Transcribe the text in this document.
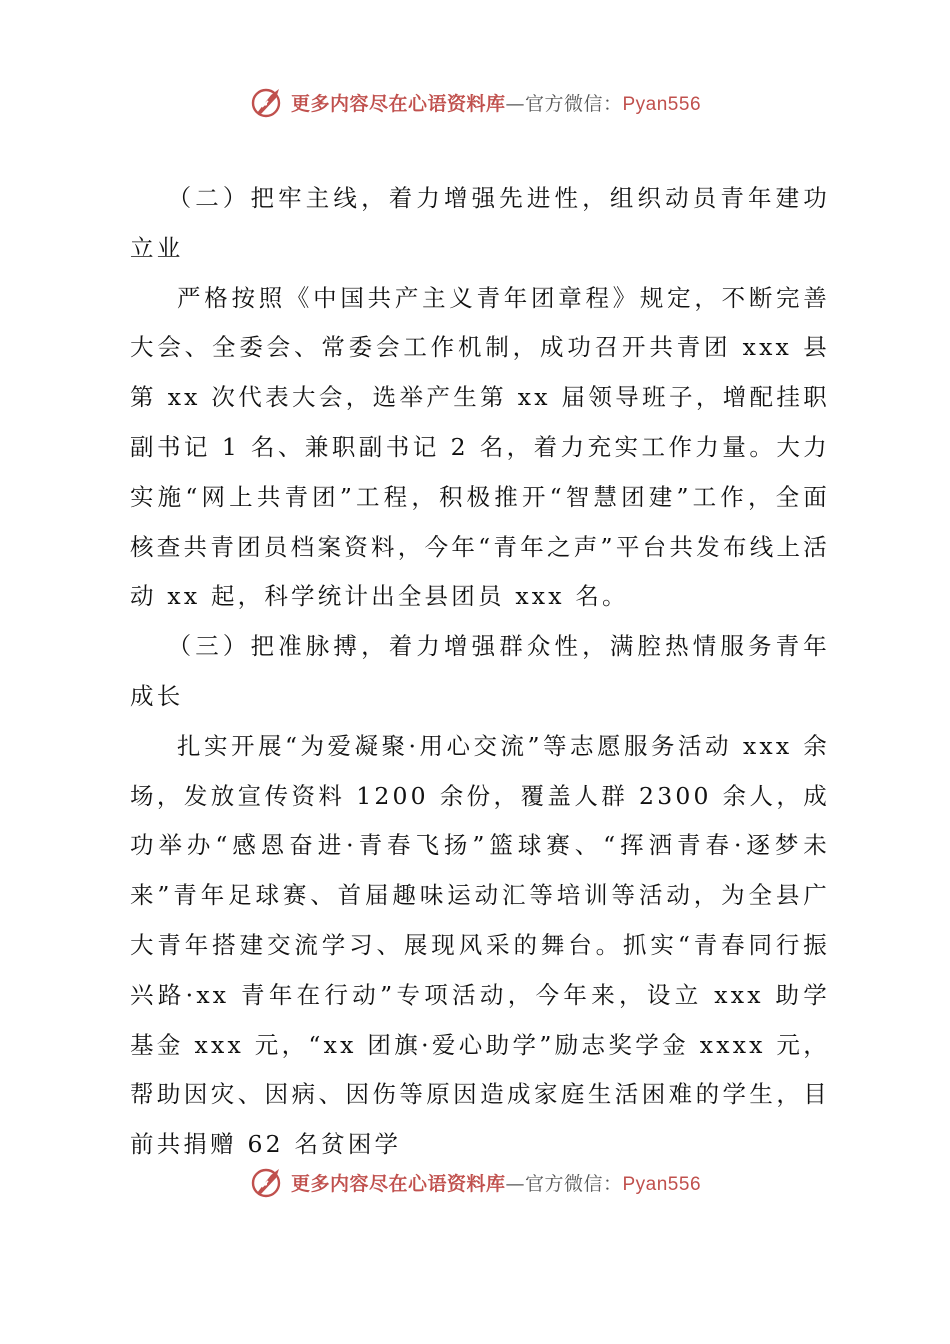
更多内容尽在心语资料库—官方微信：Pyan556

（二）把牢主线，着力增强先进性，组织动员青年建功立业

严格按照《中国共产主义青年团章程》规定，不断完善大会、全委会、常委会工作机制，成功召开共青团 xxx 县第 xx 次代表大会，选举产生第 xx 届领导班子，增配挂职副书记 1 名、兼职副书记 2 名，着力充实工作力量。大力实施“网上共青团”工程，积极推开“智慧团建”工作，全面核查共青团员档案资料，今年“青年之声”平台共发布线上活动 xx 起，科学统计出全县团员 xxx 名。

（三）把准脉搏，着力增强群众性，满腔热情服务青年成长

扎实开展“为爱凝聚·用心交流”等志愿服务活动 xxx 余场，发放宣传资料 1200 余份，覆盖人群 2300 余人，成功举办“感恩奋进·青春飞扬”篮球赛、“挥洒青春·逐梦未来”青年足球赛、首届趣味运动汇等培训等活动，为全县广大青年搭建交流学习、展现风采的舞台。抓实“青春同行振兴路·xx 青年在行动”专项活动，今年来，设立 xxx 助学基金 xxx 元，“xx 团旗·爱心助学”励志奖学金 xxxx 元，帮助因灾、因病、因伤等原因造成家庭生活困难的学生，目前共捐赠 62 名贫困学

更多内容尽在心语资料库—官方微信：Pyan556
